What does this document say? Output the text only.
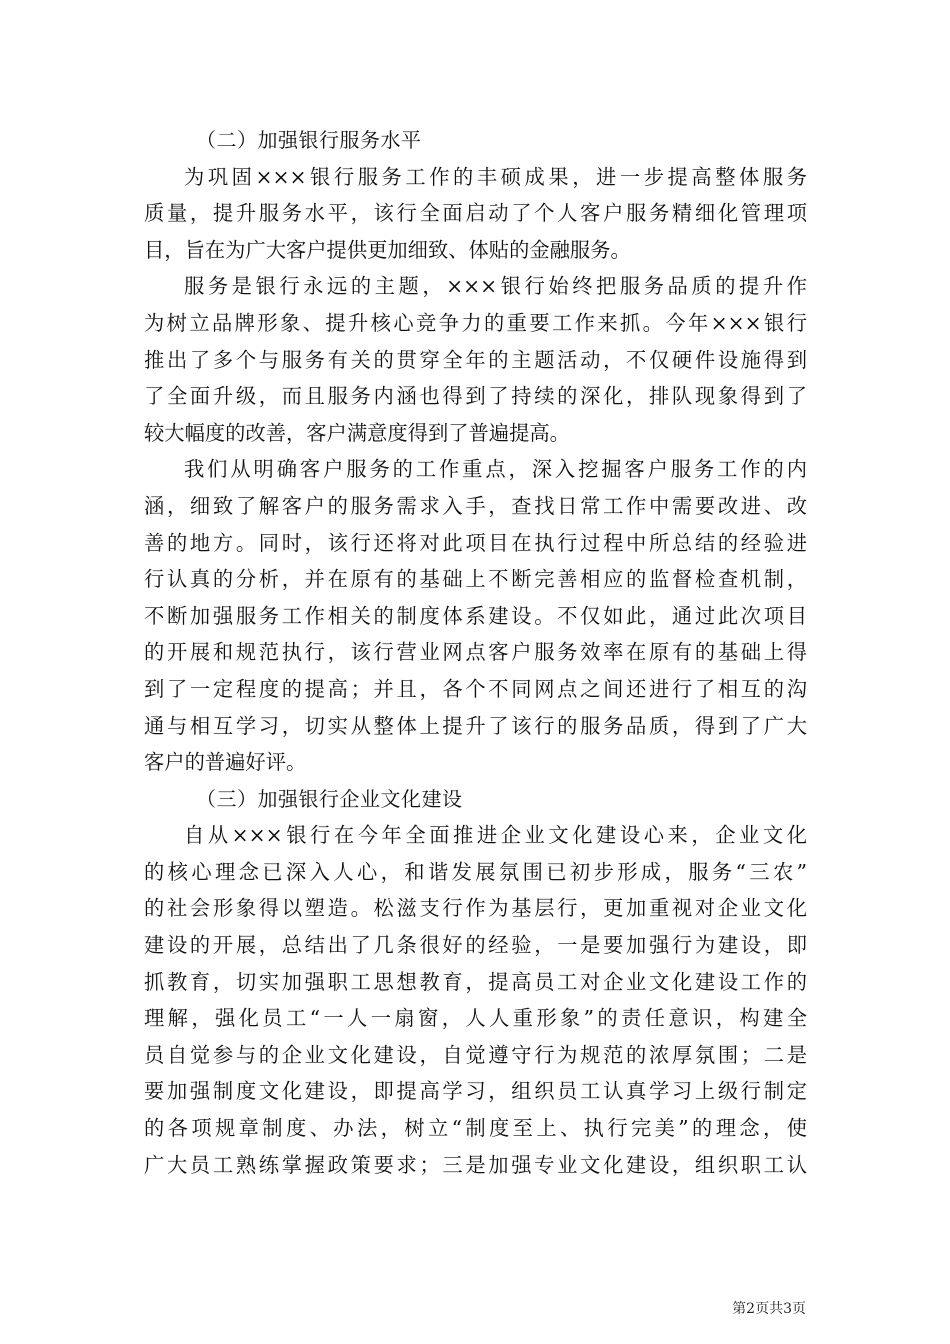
（二）加强银行服务水平
为巩固×××银行服务工作的丰硕成果，进一步提高整体服务
质量，提升服务水平，该行全面启动了个人客户服务精细化管理项
目，旨在为广大客户提供更加细致、体贴的金融服务。
服务是银行永远的主题，×××银行始终把服务品质的提升作
为树立品牌形象、提升核心竞争力的重要工作来抓。今年×××银行
推出了多个与服务有关的贯穿全年的主题活动，不仅硬件设施得到
了全面升级，而且服务内涵也得到了持续的深化，排队现象得到了
较大幅度的改善，客户满意度得到了普遍提高。
我们从明确客户服务的工作重点，深入挖掘客户服务工作的内
涵，细致了解客户的服务需求入手，查找日常工作中需要改进、改
善的地方。同时，该行还将对此项目在执行过程中所总结的经验进
行认真的分析，并在原有的基础上不断完善相应的监督检查机制，
不断加强服务工作相关的制度体系建设。不仅如此，通过此次项目
的开展和规范执行，该行营业网点客户服务效率在原有的基础上得
到了一定程度的提高；并且，各个不同网点之间还进行了相互的沟
通与相互学习，切实从整体上提升了该行的服务品质，得到了广大
客户的普遍好评。
（三）加强银行企业文化建设
自从×××银行在今年全面推进企业文化建设心来，企业文化
的核心理念已深入人心，和谐发展氛围已初步形成，服务“三农”
的社会形象得以塑造。松滋支行作为基层行，更加重视对企业文化
建设的开展，总结出了几条很好的经验，一是要加强行为建设，即
抓教育，切实加强职工思想教育，提高员工对企业文化建设工作的
理解，强化员工“一人一扇窗，人人重形象”的责任意识，构建全
员自觉参与的企业文化建设，自觉遵守行为规范的浓厚氛围；二是
要加强制度文化建设，即提高学习，组织员工认真学习上级行制定
的各项规章制度、办法，树立“制度至上、执行完美”的理念，使
广大员工熟练掌握政策要求；三是加强专业文化建设，组织职工认
第2页共3页
